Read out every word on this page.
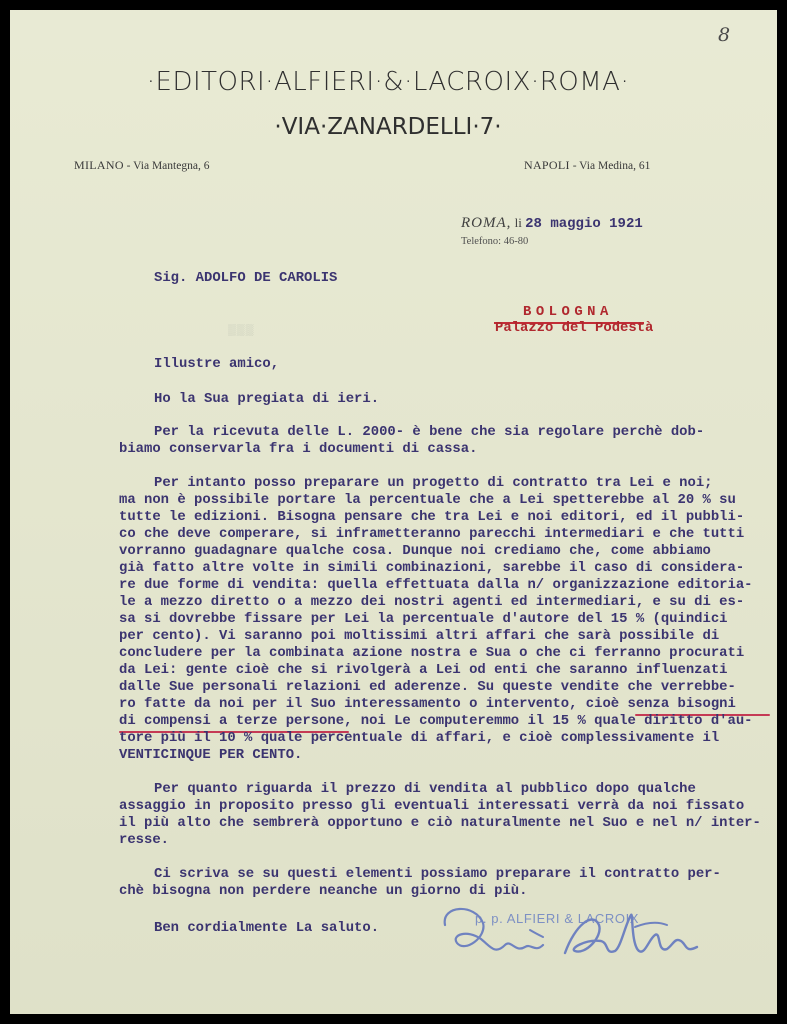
8
·EDITORI·ALFIERI·&·LACROIX·ROMA·
·VIA·ZANARDELLI·7·
MILANO - Via Mantegna, 6	NAPOLI - Via Medina, 61
ROMA, li 28 maggio 1921
Telefono: 46-80
Sig. ADOLFO DE CAROLIS
BOLOGNA
Palazzo del Podestà
▒▒▒
Illustre amico,
Ho la Sua pregiata di ieri.
Per la ricevuta delle L. 2000- è bene che sia regolare perchè dob-
biamo conservarla fra i documenti di cassa.
Per intanto posso preparare un progetto di contratto tra Lei e noi;
ma non è possibile portare la percentuale che a Lei spetterebbe al 20 % su
tutte le edizioni. Bisogna pensare che tra Lei e noi editori, ed il pubbli-
co che deve comperare, si inframetteranno parecchi intermediari e che tutti
vorranno guadagnare qualche cosa. Dunque noi crediamo che, come abbiamo
già fatto altre volte in simili combinazioni, sarebbe il caso di considera-
re due forme di vendita: quella effettuata dalla n/ organizzazione editoria-
le a mezzo diretto o a mezzo dei nostri agenti ed intermediari, e su di es-
sa si dovrebbe fissare per Lei la percentuale d'autore del 15 % (quindici
per cento). Vi saranno poi moltissimi altri affari che sarà possibile di
concludere per la combinata azione nostra e Sua o che ci ferranno procurati
da Lei: gente cioè che si rivolgerà a Lei od enti che saranno influenzati
dalle Sue personali relazioni ed aderenze. Su queste vendite che verrebbe-
ro fatte da noi per il Suo interessamento o intervento, cioè senza bisogni
di compensi a terze persone, noi Le computeremmo il 15 % quale diritto d'au-
tore più il 10 % quale percentuale di affari, e cioè complessivamente il
VENTICINQUE PER CENTO.
Per quanto riguarda il prezzo di vendita al pubblico dopo qualche
assaggio in proposito presso gli eventuali interessati verrà da noi fissato
il più alto che sembrerà opportuno e ciò naturalmente nel Suo e nel n/ inter-
resse.
Ci scriva se su questi elementi possiamo preparare il contratto per-
chè bisogna non perdere neanche un giorno di più.
Ben cordialmente La saluto.
p. p. ALFIERI & LACROIX
